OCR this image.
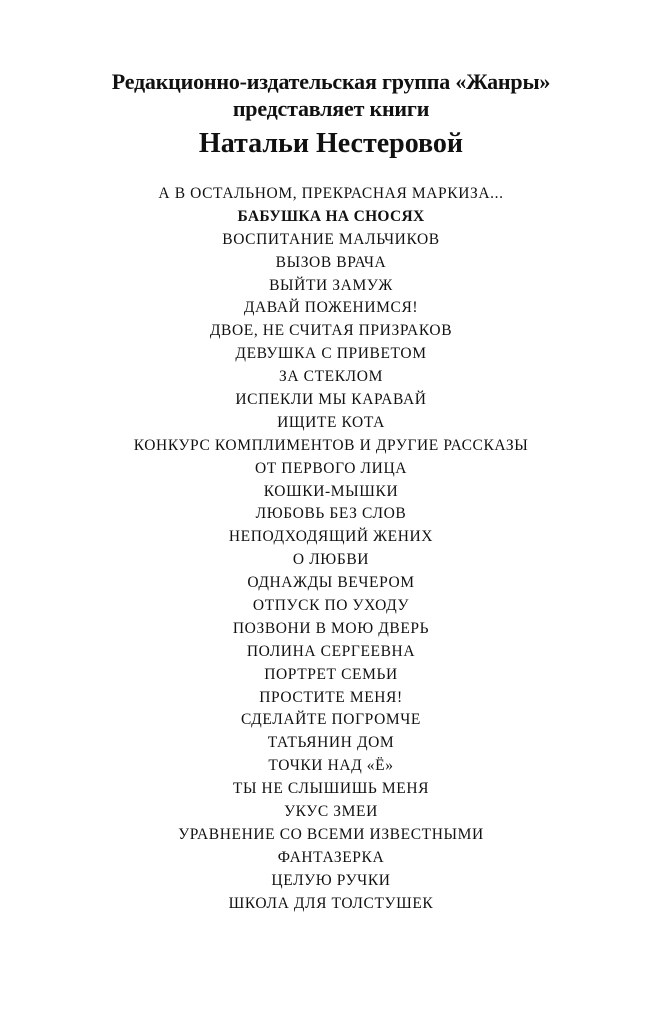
Редакционно-издательская группа «Жанры»
представляет книги
Натальи Нестеровой
А В ОСТАЛЬНОМ, ПРЕКРАСНАЯ МАРКИЗА...
БАБУШКА НА СНОСЯХ
ВОСПИТАНИЕ МАЛЬЧИКОВ
ВЫЗОВ ВРАЧА
ВЫЙТИ ЗАМУЖ
ДАВАЙ ПОЖЕНИМСЯ!
ДВОЕ, НЕ СЧИТАЯ ПРИЗРАКОВ
ДЕВУШКА С ПРИВЕТОМ
ЗА СТЕКЛОМ
ИСПЕКЛИ МЫ КАРАВАЙ
ИЩИТЕ КОТА
КОНКУРС КОМПЛИМЕНТОВ И ДРУГИЕ РАССКАЗЫ
ОТ ПЕРВОГО ЛИЦА
КОШКИ-МЫШКИ
ЛЮБОВЬ БЕЗ СЛОВ
НЕПОДХОДЯЩИЙ ЖЕНИХ
О ЛЮБВИ
ОДНАЖДЫ ВЕЧЕРОМ
ОТПУСК ПО УХОДУ
ПОЗВОНИ В МОЮ ДВЕРЬ
ПОЛИНА СЕРГЕЕВНА
ПОРТРЕТ СЕМЬИ
ПРОСТИТЕ МЕНЯ!
СДЕЛАЙТЕ ПОГРОМЧЕ
ТАТЬЯНИН ДОМ
ТОЧКИ НАД «Ё»
ТЫ НЕ СЛЫШИШЬ МЕНЯ
УКУС ЗМЕИ
УРАВНЕНИЕ СО ВСЕМИ ИЗВЕСТНЫМИ
ФАНТАЗЕРКА
ЦЕЛУЮ РУЧКИ
ШКОЛА ДЛЯ ТОЛСТУШЕК
